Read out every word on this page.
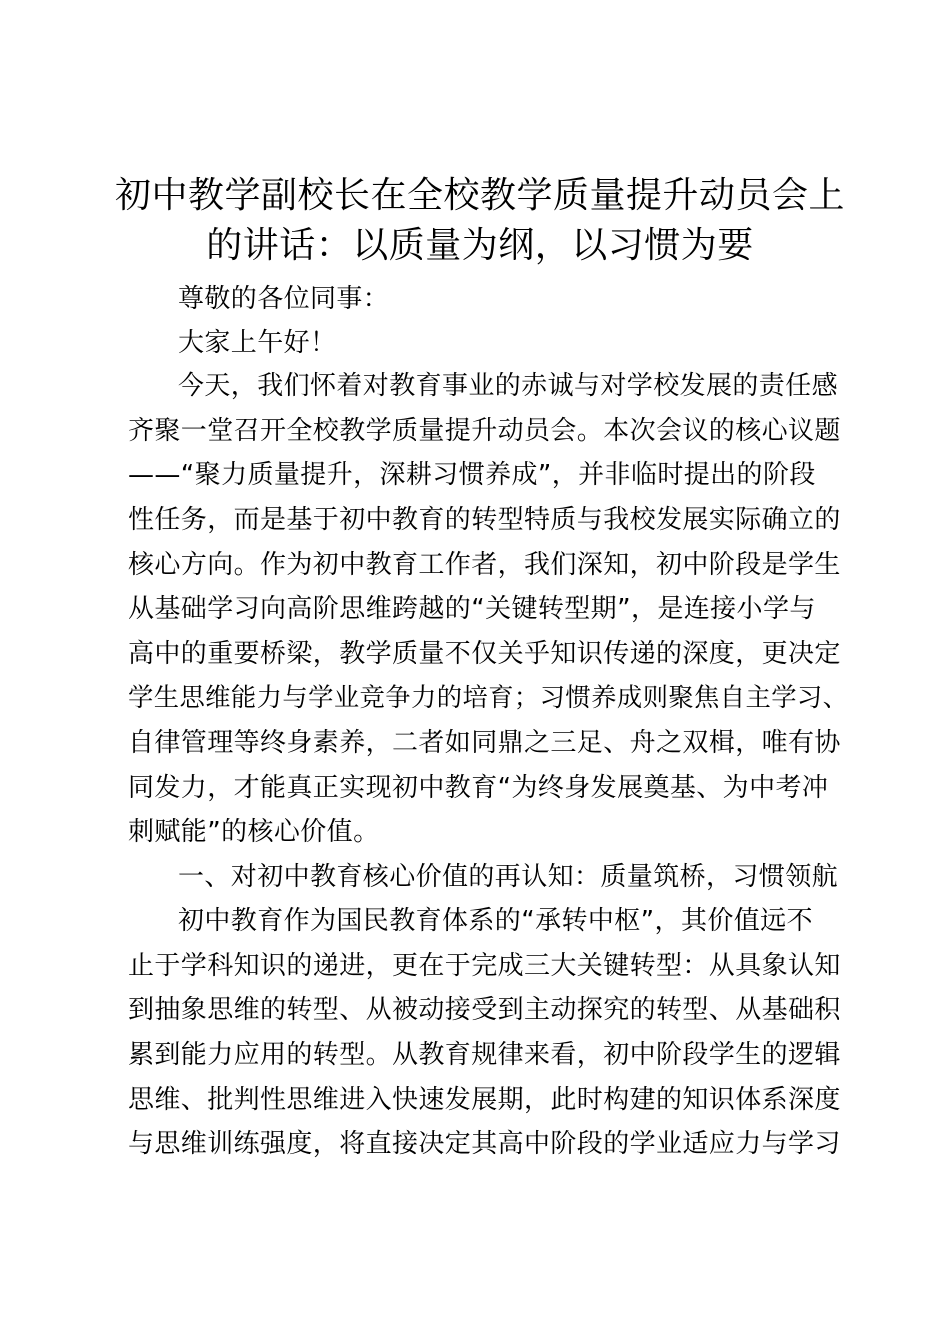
初中教学副校长在全校教学质量提升动员会上
的讲话：以质量为纲，以习惯为要
尊敬的各位同事：
大家上午好！
今天，我们怀着对教育事业的赤诚与对学校发展的责任感
齐聚一堂召开全校教学质量提升动员会。本次会议的核心议题
——“聚力质量提升，深耕习惯养成”，并非临时提出的阶段
性任务，而是基于初中教育的转型特质与我校发展实际确立的
核心方向。作为初中教育工作者，我们深知，初中阶段是学生
从基础学习向高阶思维跨越的“关键转型期”，是连接小学与
高中的重要桥梁，教学质量不仅关乎知识传递的深度，更决定
学生思维能力与学业竞争力的培育；习惯养成则聚焦自主学习、
自律管理等终身素养，二者如同鼎之三足、舟之双楫，唯有协
同发力，才能真正实现初中教育“为终身发展奠基、为中考冲
刺赋能”的核心价值。
一、对初中教育核心价值的再认知：质量筑桥，习惯领航
初中教育作为国民教育体系的“承转中枢”，其价值远不
止于学科知识的递进，更在于完成三大关键转型：从具象认知
到抽象思维的转型、从被动接受到主动探究的转型、从基础积
累到能力应用的转型。从教育规律来看，初中阶段学生的逻辑
思维、批判性思维进入快速发展期，此时构建的知识体系深度
与思维训练强度，将直接决定其高中阶段的学业适应力与学习
